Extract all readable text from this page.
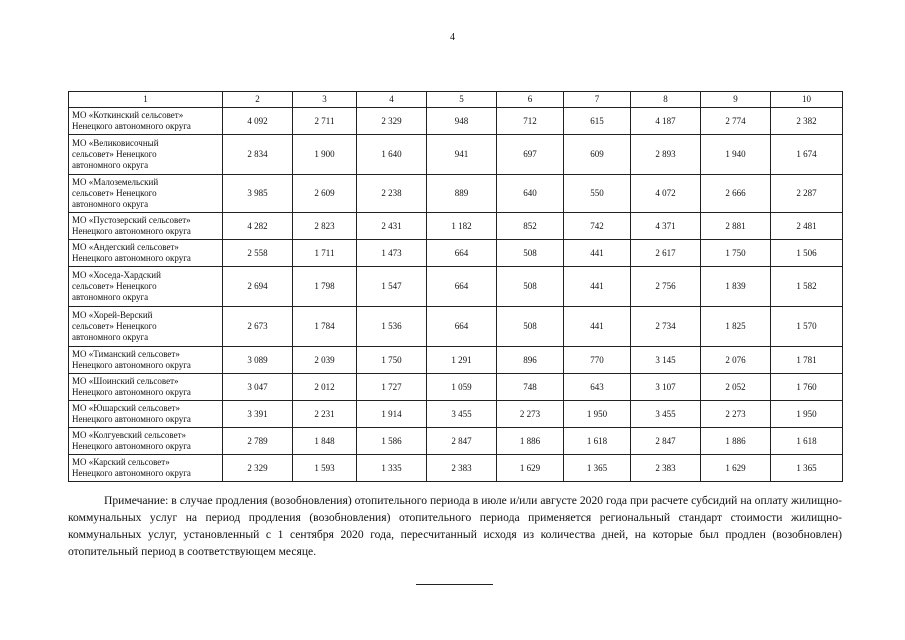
4
1	2	3	4	5	6	7	8	9	10
МО «Коткинский сельсовет»
Ненецкого автономного округа	4 092	2 711	2 329	948	712	615	4 187	2 774	2 382
МО «Великовисочный
сельсовет» Ненецкого
автономного округа	2 834	1 900	1 640	941	697	609	2 893	1 940	1 674
МО «Малоземельский
сельсовет» Ненецкого
автономного округа	3 985	2 609	2 238	889	640	550	4 072	2 666	2 287
МО «Пустозерский сельсовет»
Ненецкого автономного округа	4 282	2 823	2 431	1 182	852	742	4 371	2 881	2 481
МО «Андегский сельсовет»
Ненецкого автономного округа	2 558	1 711	1 473	664	508	441	2 617	1 750	1 506
МО «Хоседа-Хардский
сельсовет» Ненецкого
автономного округа	2 694	1 798	1 547	664	508	441	2 756	1 839	1 582
МО «Хорей-Верский
сельсовет» Ненецкого
автономного округа	2 673	1 784	1 536	664	508	441	2 734	1 825	1 570
МО «Тиманский сельсовет»
Ненецкого автономного округа	3 089	2 039	1 750	1 291	896	770	3 145	2 076	1 781
МО «Шоинский сельсовет»
Ненецкого автономного округа	3 047	2 012	1 727	1 059	748	643	3 107	2 052	1 760
МО «Юшарский сельсовет»
Ненецкого автономного округа	3 391	2 231	1 914	3 455	2 273	1 950	3 455	2 273	1 950
МО «Колгуевский сельсовет»
Ненецкого автономного округа	2 789	1 848	1 586	2 847	1 886	1 618	2 847	1 886	1 618
МО «Карский сельсовет»
Ненецкого автономного округа	2 329	1 593	1 335	2 383	1 629	1 365	2 383	1 629	1 365

Примечание: в случае продления (возобновления) отопительного периода в июле и/или августе 2020 года при расчете субсидий на оплату жилищно-коммунальных услуг на период продления (возобновления) отопительного периода применяется региональный стандарт стоимости жилищно-коммунальных услуг, установленный с 1 сентября 2020 года, пересчитанный исходя из количества дней, на которые был продлен (возобновлен) отопительный период в соответствующем месяце.
